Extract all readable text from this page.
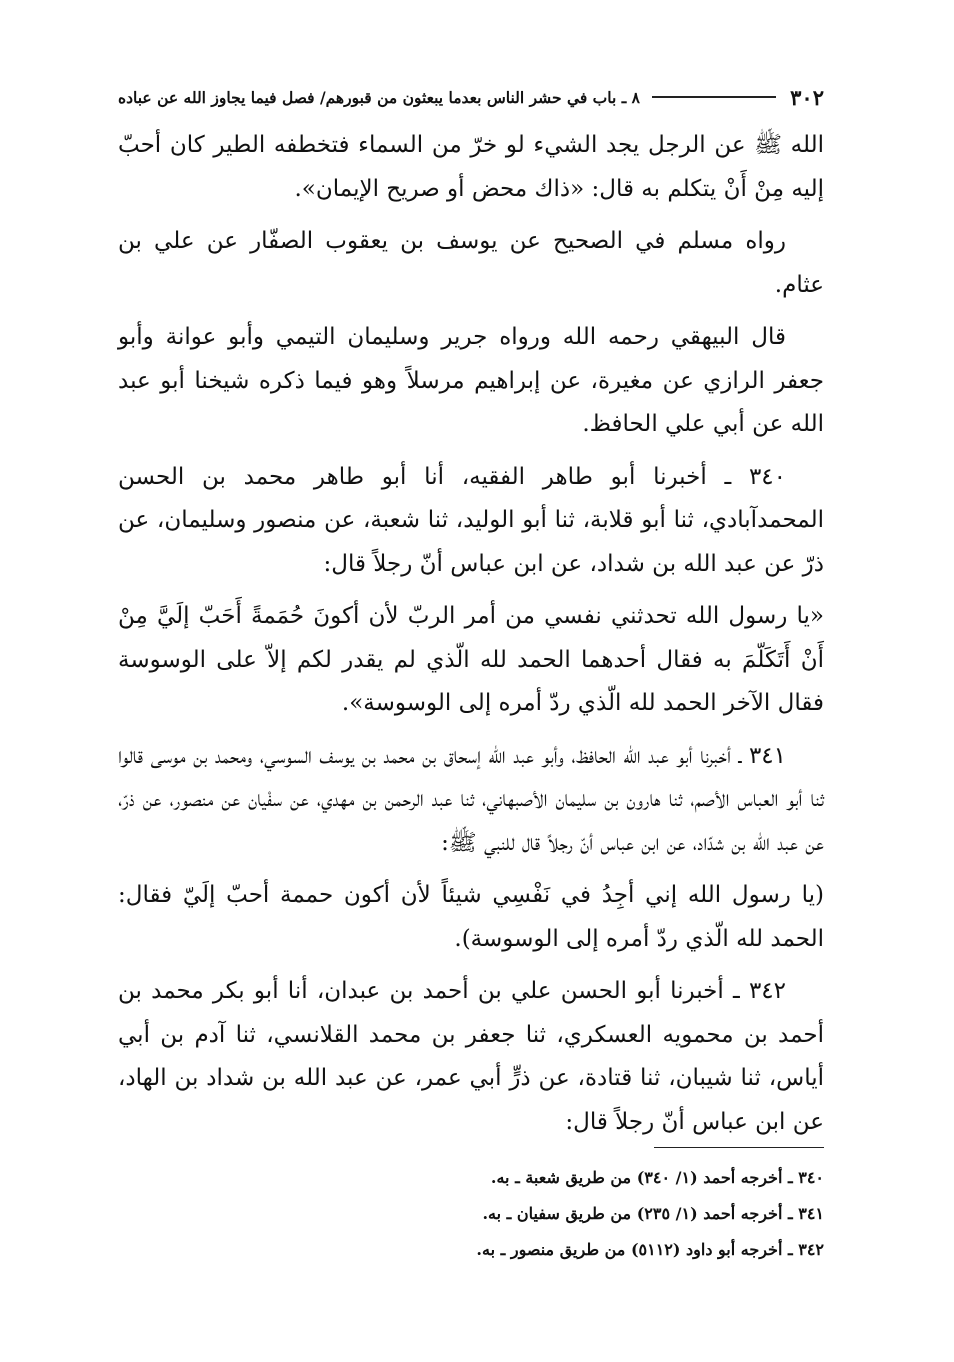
٣٠٢
٨ ـ باب في حشر الناس بعدما يبعثون من قبورهم/ فصل فيما يجاوز الله عن عباده

الله ﷺ عن الرجل يجد الشيء لو خرّ من السماء فتخطفه الطير كان أحبّ إليه مِنْ أَنْ يتكلم به قال: «ذاك محض أو صريح الإيمان».

رواه مسلم في الصحيح عن يوسف بن يعقوب الصفّار عن علي بن عثام.

قال البيهقي رحمه الله ورواه جرير وسليمان التيمي وأبو عوانة وأبو جعفر الرازي عن مغيرة، عن إبراهيم مرسلاً وهو فيما ذكره شيخنا أبو عبد الله عن أبي علي الحافظ.

٣٤٠ ـ أخبرنا أبو طاهر الفقيه، أنا أبو طاهر محمد بن الحسن المحمدآبادي، ثنا أبو قلابة، ثنا أبو الوليد، ثنا شعبة، عن منصور وسليمان، عن ذرّ عن عبد الله بن شداد، عن ابن عباس أنّ رجلاً قال:

«يا رسول الله تحدثني نفسي من أمر الربّ لأن أكونَ حُمَمةً أَحَبّ إلَيَّ مِنْ أَنْ أَتَكَلّمَ به فقال أحدهما الحمد لله الّذي لم يقدر لكم إلاّ على الوسوسة فقال الآخر الحمد لله الّذي ردّ أمره إلى الوسوسة».

٣٤١ ـ أخبرنا أبو عبد الله الحافظ، وأبو عبد الله إسحاق بن محمد بن يوسف السوسي، ومحمد بن موسى قالوا ثنا أبو العباس الأصم، ثنا هارون بن سليمان الأصبهاني، ثنا عبد الرحمن بن مهدي، عن سفْيان عن منصور، عن ذرّ، عن عبد الله بن شدّاد، عن ابن عباس أنّ رجلاً قال للنبي ﷺ:

(يا رسول الله إني أجِدُ في نَفْسِي شيئاً لأن أكون حممة أحبّ إلَيّ فقال: الحمد لله الّذي ردّ أمره إلى الوسوسة).

٣٤٢ ـ أخبرنا أبو الحسن علي بن أحمد بن عبدان، أنا أبو بكر محمد بن أحمد بن محمويه العسكري، ثنا جعفر بن محمد القلانسي، ثنا آدم بن أبي أياس، ثنا شيبان، ثنا قتادة، عن ذرٍّ أبي عمر، عن عبد الله بن شداد بن الهاد، عن ابن عباس أنّ رجلاً قال:

٣٤٠ ـ أخرجه أحمد (١/ ٣٤٠) من طريق شعبة ـ به.
٣٤١ ـ أخرجه أحمد (١/ ٢٣٥) من طريق سفيان ـ به.
٣٤٢ ـ أخرجه أبو داود (٥١١٢) من طريق منصور ـ به.
